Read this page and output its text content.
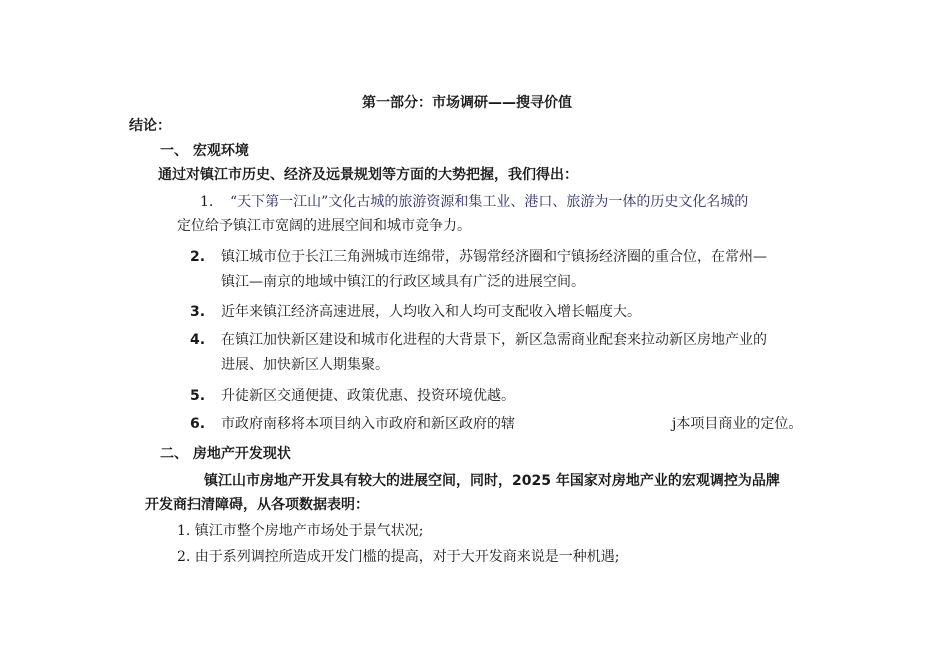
第一部分：市场调研——搜寻价值
结论：
一、 宏观环境
通过对镇江市历史、经济及远景规划等方面的大势把握，我们得出：
1. “天下第一江山”文化古城的旅游资源和集工业、港口、旅游为一体的历史文化名城的
定位给予镇江市宽阔的进展空间和城市竞争力。
2. 镇江城市位于长江三角洲城市连绵带，苏锡常经济圈和宁镇扬经济圈的重合位，在常州—
镇江—南京的地域中镇江的行政区域具有广泛的进展空间。
3. 近年来镇江经济高速进展，人均收入和人均可支配收入增长幅度大。
4. 在镇江加快新区建设和城市化进程的大背景下，新区急需商业配套来拉动新区房地产业的
进展、加快新区人期集聚。
5. 升徒新区交通便捷、政策优惠、投资环境优越。
6. 市政府南移将本项目纳入市政府和新区政府的辖	j本项目商业的定位。
二、 房地产开发现状
镇江山市房地产开发具有较大的进展空间，同时，2025 年国家对房地产业的宏观调控为品牌
开发商扫清障碍，从各项数据表明：
1. 镇江市整个房地产市场处于景气状况;
2. 由于系列调控所造成开发门槛的提高，对于大开发商来说是一种机遇;
